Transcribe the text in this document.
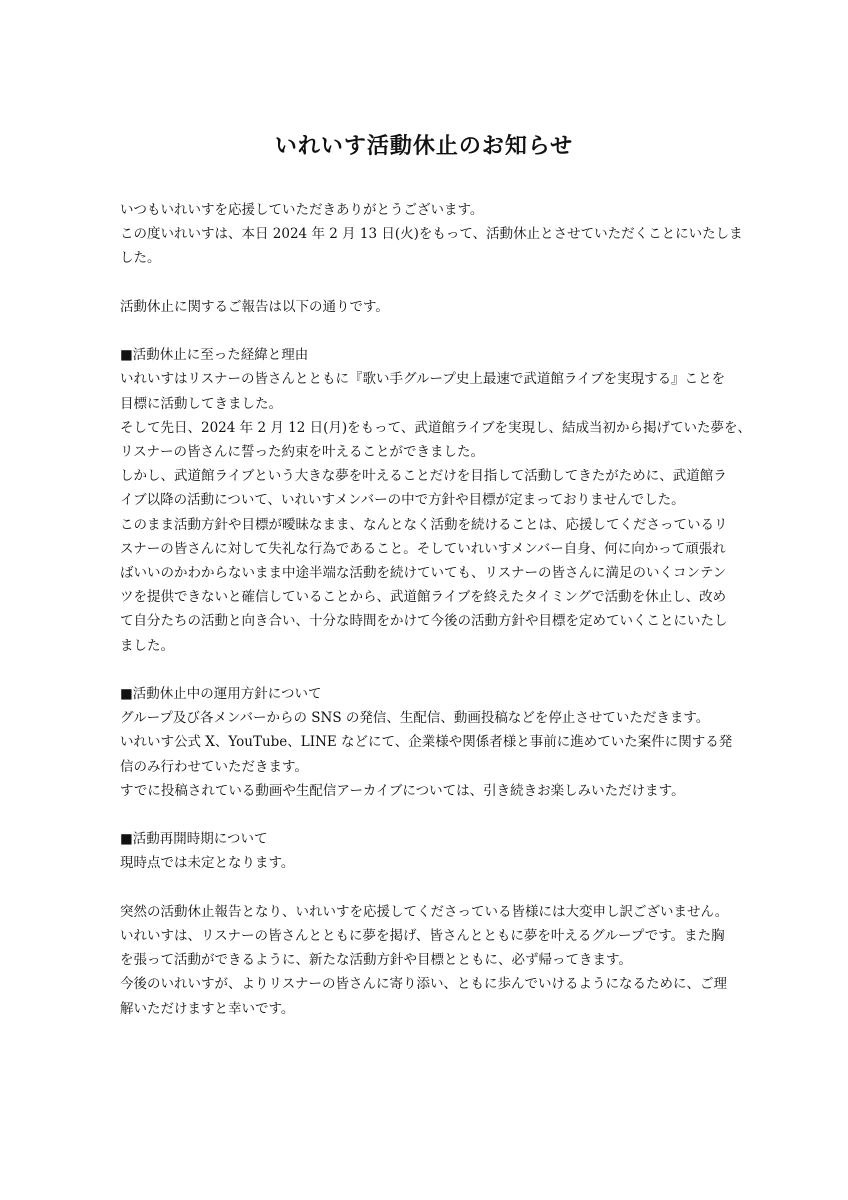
いれいす活動休止のお知らせ

いつもいれいすを応援していただきありがとうございます。

この度いれいすは、本日 2024 年 2 月 13 日(火)をもって、活動休止とさせていただくことにいたしま

した。

活動休止に関するご報告は以下の通りです。

■活動休止に至った経緯と理由

いれいすはリスナーの皆さんとともに『歌い手グループ史上最速で武道館ライブを実現する』ことを

目標に活動してきました。

そして先日、2024 年 2 月 12 日(月)をもって、武道館ライブを実現し、結成当初から掲げていた夢を、

リスナーの皆さんに誓った約束を叶えることができました。

しかし、武道館ライブという大きな夢を叶えることだけを目指して活動してきたがために、武道館ラ

イブ以降の活動について、いれいすメンバーの中で方針や目標が定まっておりませんでした。

このまま活動方針や目標が曖昧なまま、なんとなく活動を続けることは、応援してくださっているリ

スナーの皆さんに対して失礼な行為であること。そしていれいすメンバー自身、何に向かって頑張れ

ばいいのかわからないまま中途半端な活動を続けていても、リスナーの皆さんに満足のいくコンテン

ツを提供できないと確信していることから、武道館ライブを終えたタイミングで活動を休止し、改め

て自分たちの活動と向き合い、十分な時間をかけて今後の活動方針や目標を定めていくことにいたし

ました。

■活動休止中の運用方針について

グループ及び各メンバーからの SNS の発信、生配信、動画投稿などを停止させていただきます。

いれいす公式 X、YouTube、LINE などにて、企業様や関係者様と事前に進めていた案件に関する発

信のみ行わせていただきます。

すでに投稿されている動画や生配信アーカイブについては、引き続きお楽しみいただけます。

■活動再開時期について

現時点では未定となります。

突然の活動休止報告となり、いれいすを応援してくださっている皆様には大変申し訳ございません。

いれいすは、リスナーの皆さんとともに夢を掲げ、皆さんとともに夢を叶えるグループです。また胸

を張って活動ができるように、新たな活動方針や目標とともに、必ず帰ってきます。

今後のいれいすが、よりリスナーの皆さんに寄り添い、ともに歩んでいけるようになるために、ご理

解いただけますと幸いです。
